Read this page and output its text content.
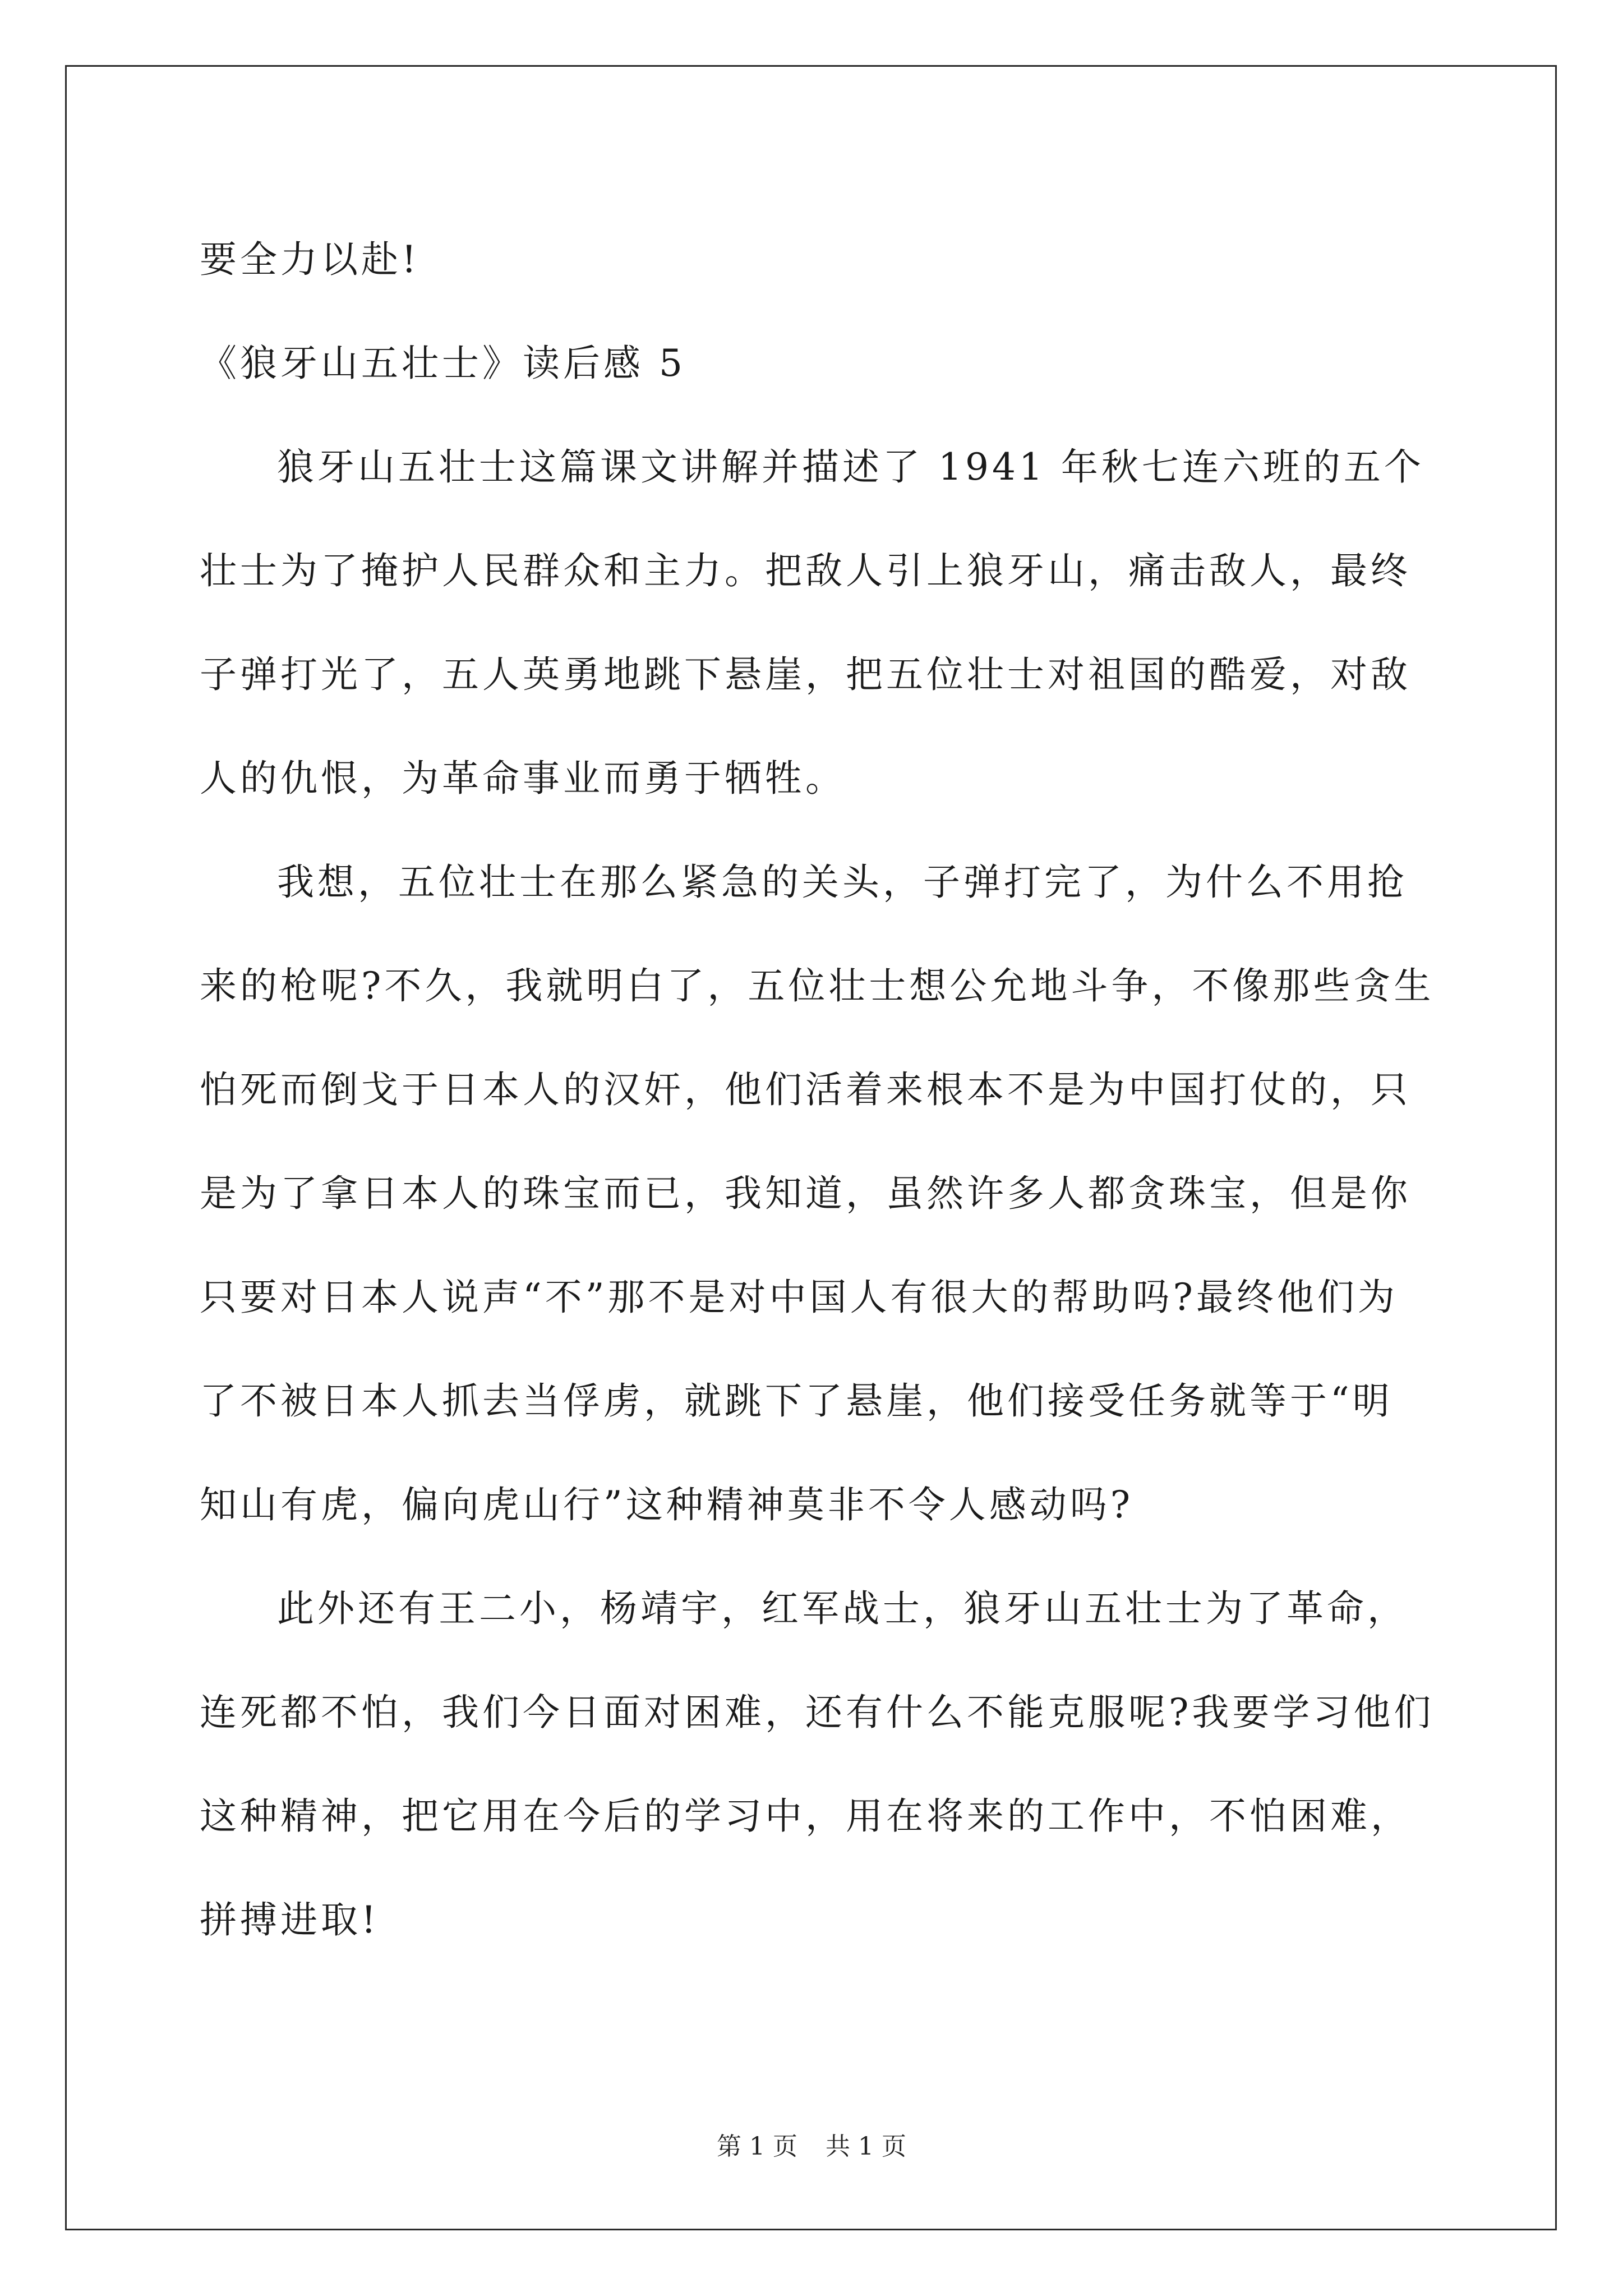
要全力以赴!
《狼牙山五壮士》读后感 5
狼牙山五壮士这篇课文讲解并描述了 1941 年秋七连六班的五个
壮士为了掩护人民群众和主力。把敌人引上狼牙山，痛击敌人，最终
子弹打光了，五人英勇地跳下悬崖，把五位壮士对祖国的酷爱，对敌
人的仇恨，为革命事业而勇于牺牲。
我想，五位壮士在那么紧急的关头，子弹打完了，为什么不用抢
来的枪呢?不久，我就明白了，五位壮士想公允地斗争，不像那些贪生
怕死而倒戈于日本人的汉奸，他们活着来根本不是为中国打仗的，只
是为了拿日本人的珠宝而已，我知道，虽然许多人都贪珠宝，但是你
只要对日本人说声“不”那不是对中国人有很大的帮助吗?最终他们为
了不被日本人抓去当俘虏，就跳下了悬崖，他们接受任务就等于“明
知山有虎，偏向虎山行”这种精神莫非不令人感动吗?
此外还有王二小，杨靖宇，红军战士，狼牙山五壮士为了革命，
连死都不怕，我们今日面对困难，还有什么不能克服呢?我要学习他们
这种精神，把它用在今后的学习中，用在将来的工作中，不怕困难，
拼搏进取!
第 1 页 共 1 页
